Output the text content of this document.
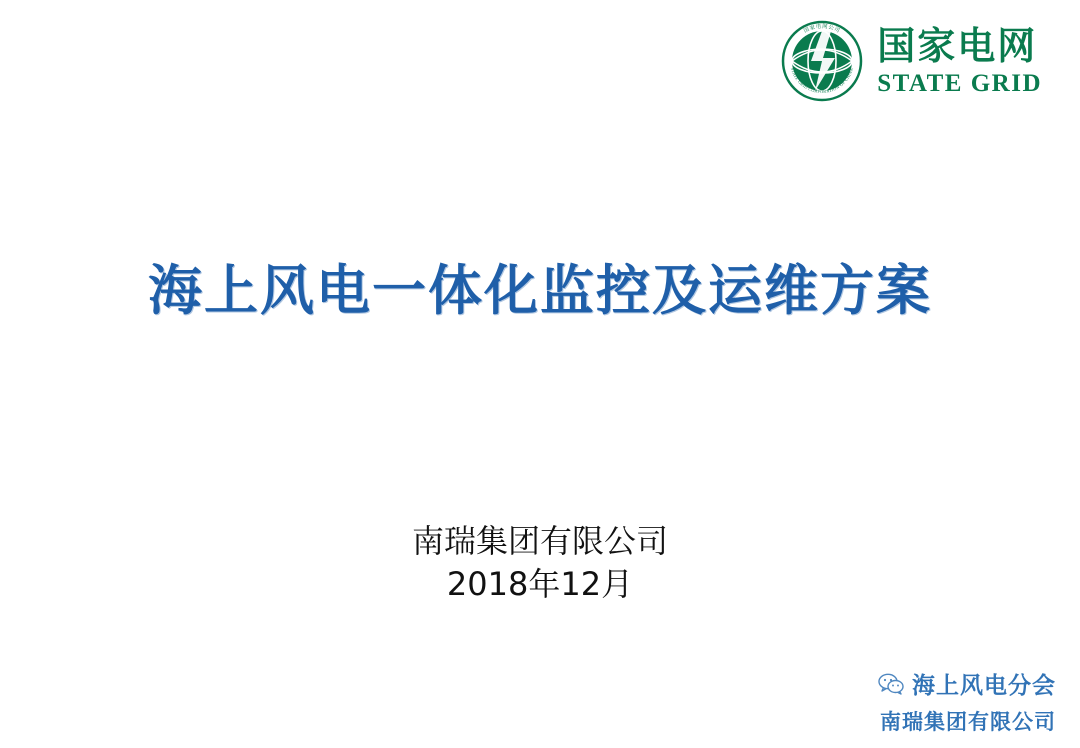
国家电网公司
STATE GRID CORPORATION OF CHINA
国家电网
STATE GRID
海上风电一体化监控及运维方案
南瑞集团有限公司
2018年12月
海上风电分会
南瑞集团有限公司
